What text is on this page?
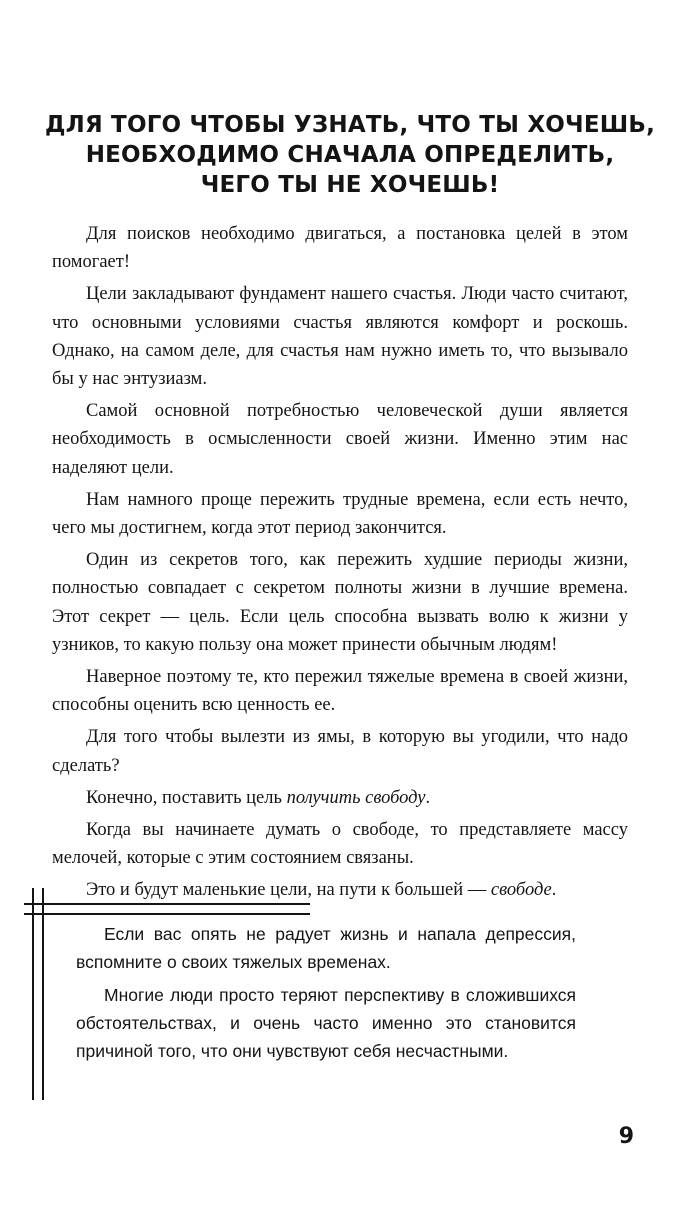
ДЛЯ ТОГО ЧТОБЫ УЗНАТЬ, ЧТО ТЫ ХОЧЕШЬ,
НЕОБХОДИМО СНАЧАЛА ОПРЕДЕЛИТЬ,
ЧЕГО ТЫ НЕ ХОЧЕШЬ!

Для поисков необходимо двигаться, а постановка целей в этом помогает!

Цели закладывают фундамент нашего счастья. Люди часто считают, что основными условиями счастья являются комфорт и роскошь. Однако, на самом деле, для счастья нам нужно иметь то, что вызывало бы у нас энтузиазм.

Самой основной потребностью человеческой души является необходимость в осмысленности своей жизни. Именно этим нас наделяют цели.

Нам намного проще пережить трудные времена, если есть нечто, чего мы достигнем, когда этот период закончится.

Один из секретов того, как пережить худшие периоды жизни, полностью совпадает с секретом полноты жизни в лучшие времена. Этот секрет — цель. Если цель способна вызвать волю к жизни у узников, то какую пользу она может принести обычным людям!

Наверное поэтому те, кто пережил тяжелые времена в своей жизни, способны оценить всю ценность ее.

Для того чтобы вылезти из ямы, в которую вы угодили, что надо сделать?

Конечно, поставить цель получить свободу.

Когда вы начинаете думать о свободе, то представляете массу мелочей, которые с этим состоянием связаны.

Это и будут маленькие цели, на пути к большей — свободе.

Если вас опять не радует жизнь и напала депрессия, вспомните о своих тяжелых временах.

Многие люди просто теряют перспективу в сложившихся обстоятельствах, и очень часто именно это становится причиной того, что они чувствуют себя несчастными.

9
